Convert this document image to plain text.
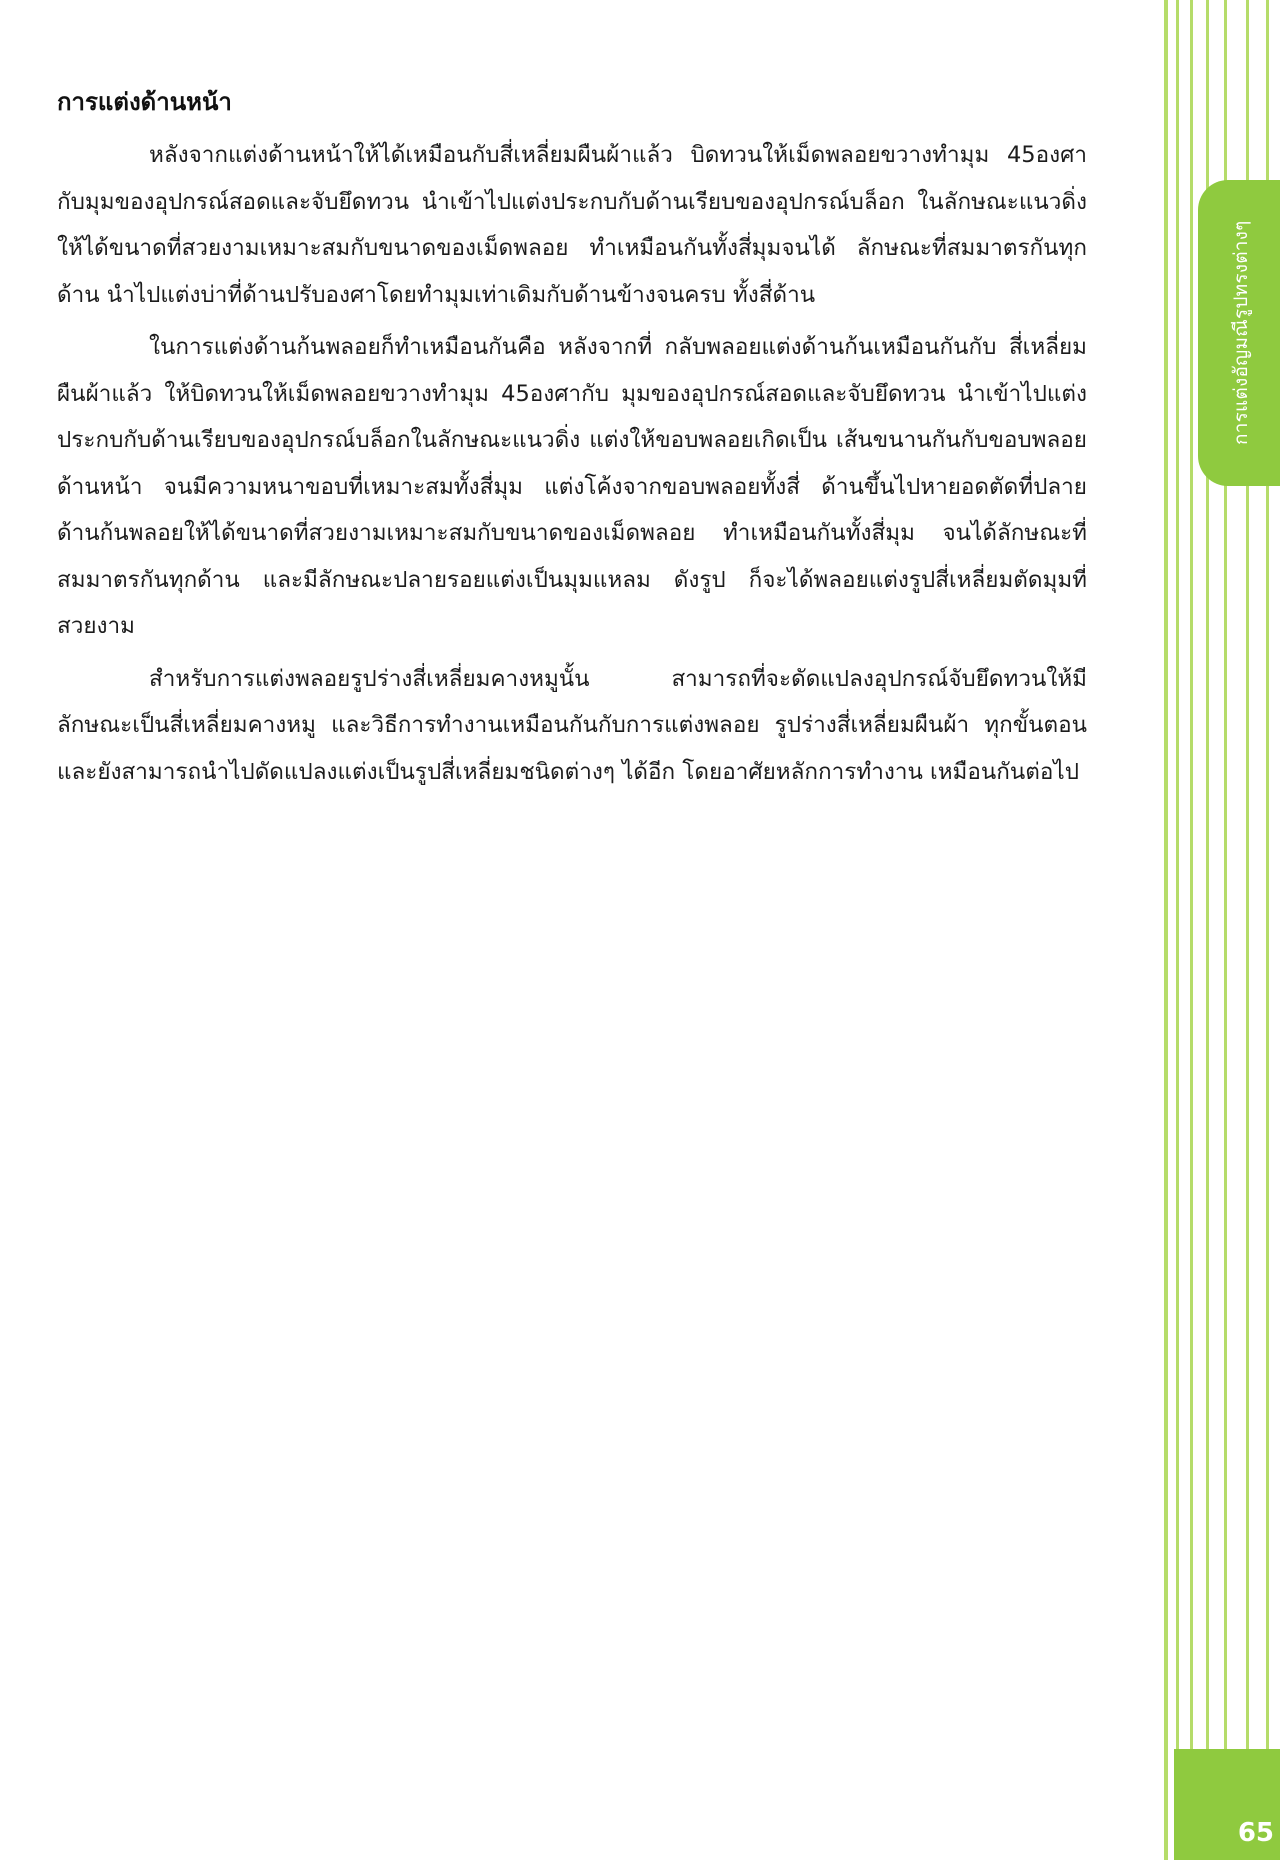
การแต่งอัญมณีรูปทรงต่างๆ
65
การแต่งด้านหน้า

หลังจากแต่งด้านหน้าให้ได้เหมือนกับสี่เหลี่ยมผืนผ้าแล้ว บิดทวนให้เม็ดพลอยขวางทำมุม 45องศากับมุมของอุปกรณ์สอดและจับยึดทวน นำเข้าไปแต่งประกบกับด้านเรียบของอุปกรณ์บล็อก ในลักษณะแนวดิ่ง ให้ได้ขนาดที่สวยงามเหมาะสมกับขนาดของเม็ดพลอย ทำเหมือนกันทั้งสี่มุมจนได้ ลักษณะที่สมมาตรกันทุกด้าน นำไปแต่งบ่าที่ด้านปรับองศาโดยทำมุมเท่าเดิมกับด้านข้างจนครบ ทั้งสี่ด้าน

ในการแต่งด้านก้นพลอยก็ทำเหมือนกันคือ หลังจากที่ กลับพลอยแต่งด้านก้นเหมือนกันกับ สี่เหลี่ยมผืนผ้าแล้ว ให้บิดทวนให้เม็ดพลอยขวางทำมุม 45องศากับ มุมของอุปกรณ์สอดและจับยึดทวน นำเข้าไปแต่งประกบกับด้านเรียบของอุปกรณ์บล็อกในลักษณะแนวดิ่ง แต่งให้ขอบพลอยเกิดเป็น เส้นขนานกันกับขอบพลอยด้านหน้า จนมีความหนาขอบที่เหมาะสมทั้งสี่มุม แต่งโค้งจากขอบพลอยทั้งสี่ ด้านขึ้นไปหายอดตัดที่ปลายด้านก้นพลอยให้ได้ขนาดที่สวยงามเหมาะสมกับขนาดของเม็ดพลอย ทำเหมือนกันทั้งสี่มุม จนได้ลักษณะที่สมมาตรกันทุกด้าน และมีลักษณะปลายรอยแต่งเป็นมุมแหลม ดังรูป ก็จะได้พลอยแต่งรูปสี่เหลี่ยมตัดมุมที่สวยงาม

สำหรับการแต่งพลอยรูปร่างสี่เหลี่ยมคางหมูนั้น สามารถที่จะดัดแปลงอุปกรณ์จับยึดทวนให้มี ลักษณะเป็นสี่เหลี่ยมคางหมู และวิธีการทำงานเหมือนกันกับการแต่งพลอย รูปร่างสี่เหลี่ยมผืนผ้า ทุกขั้นตอน และยังสามารถนำไปดัดแปลงแต่งเป็นรูปสี่เหลี่ยมชนิดต่างๆ ได้อีก โดยอาศัยหลักการทำงาน เหมือนกันต่อไป
